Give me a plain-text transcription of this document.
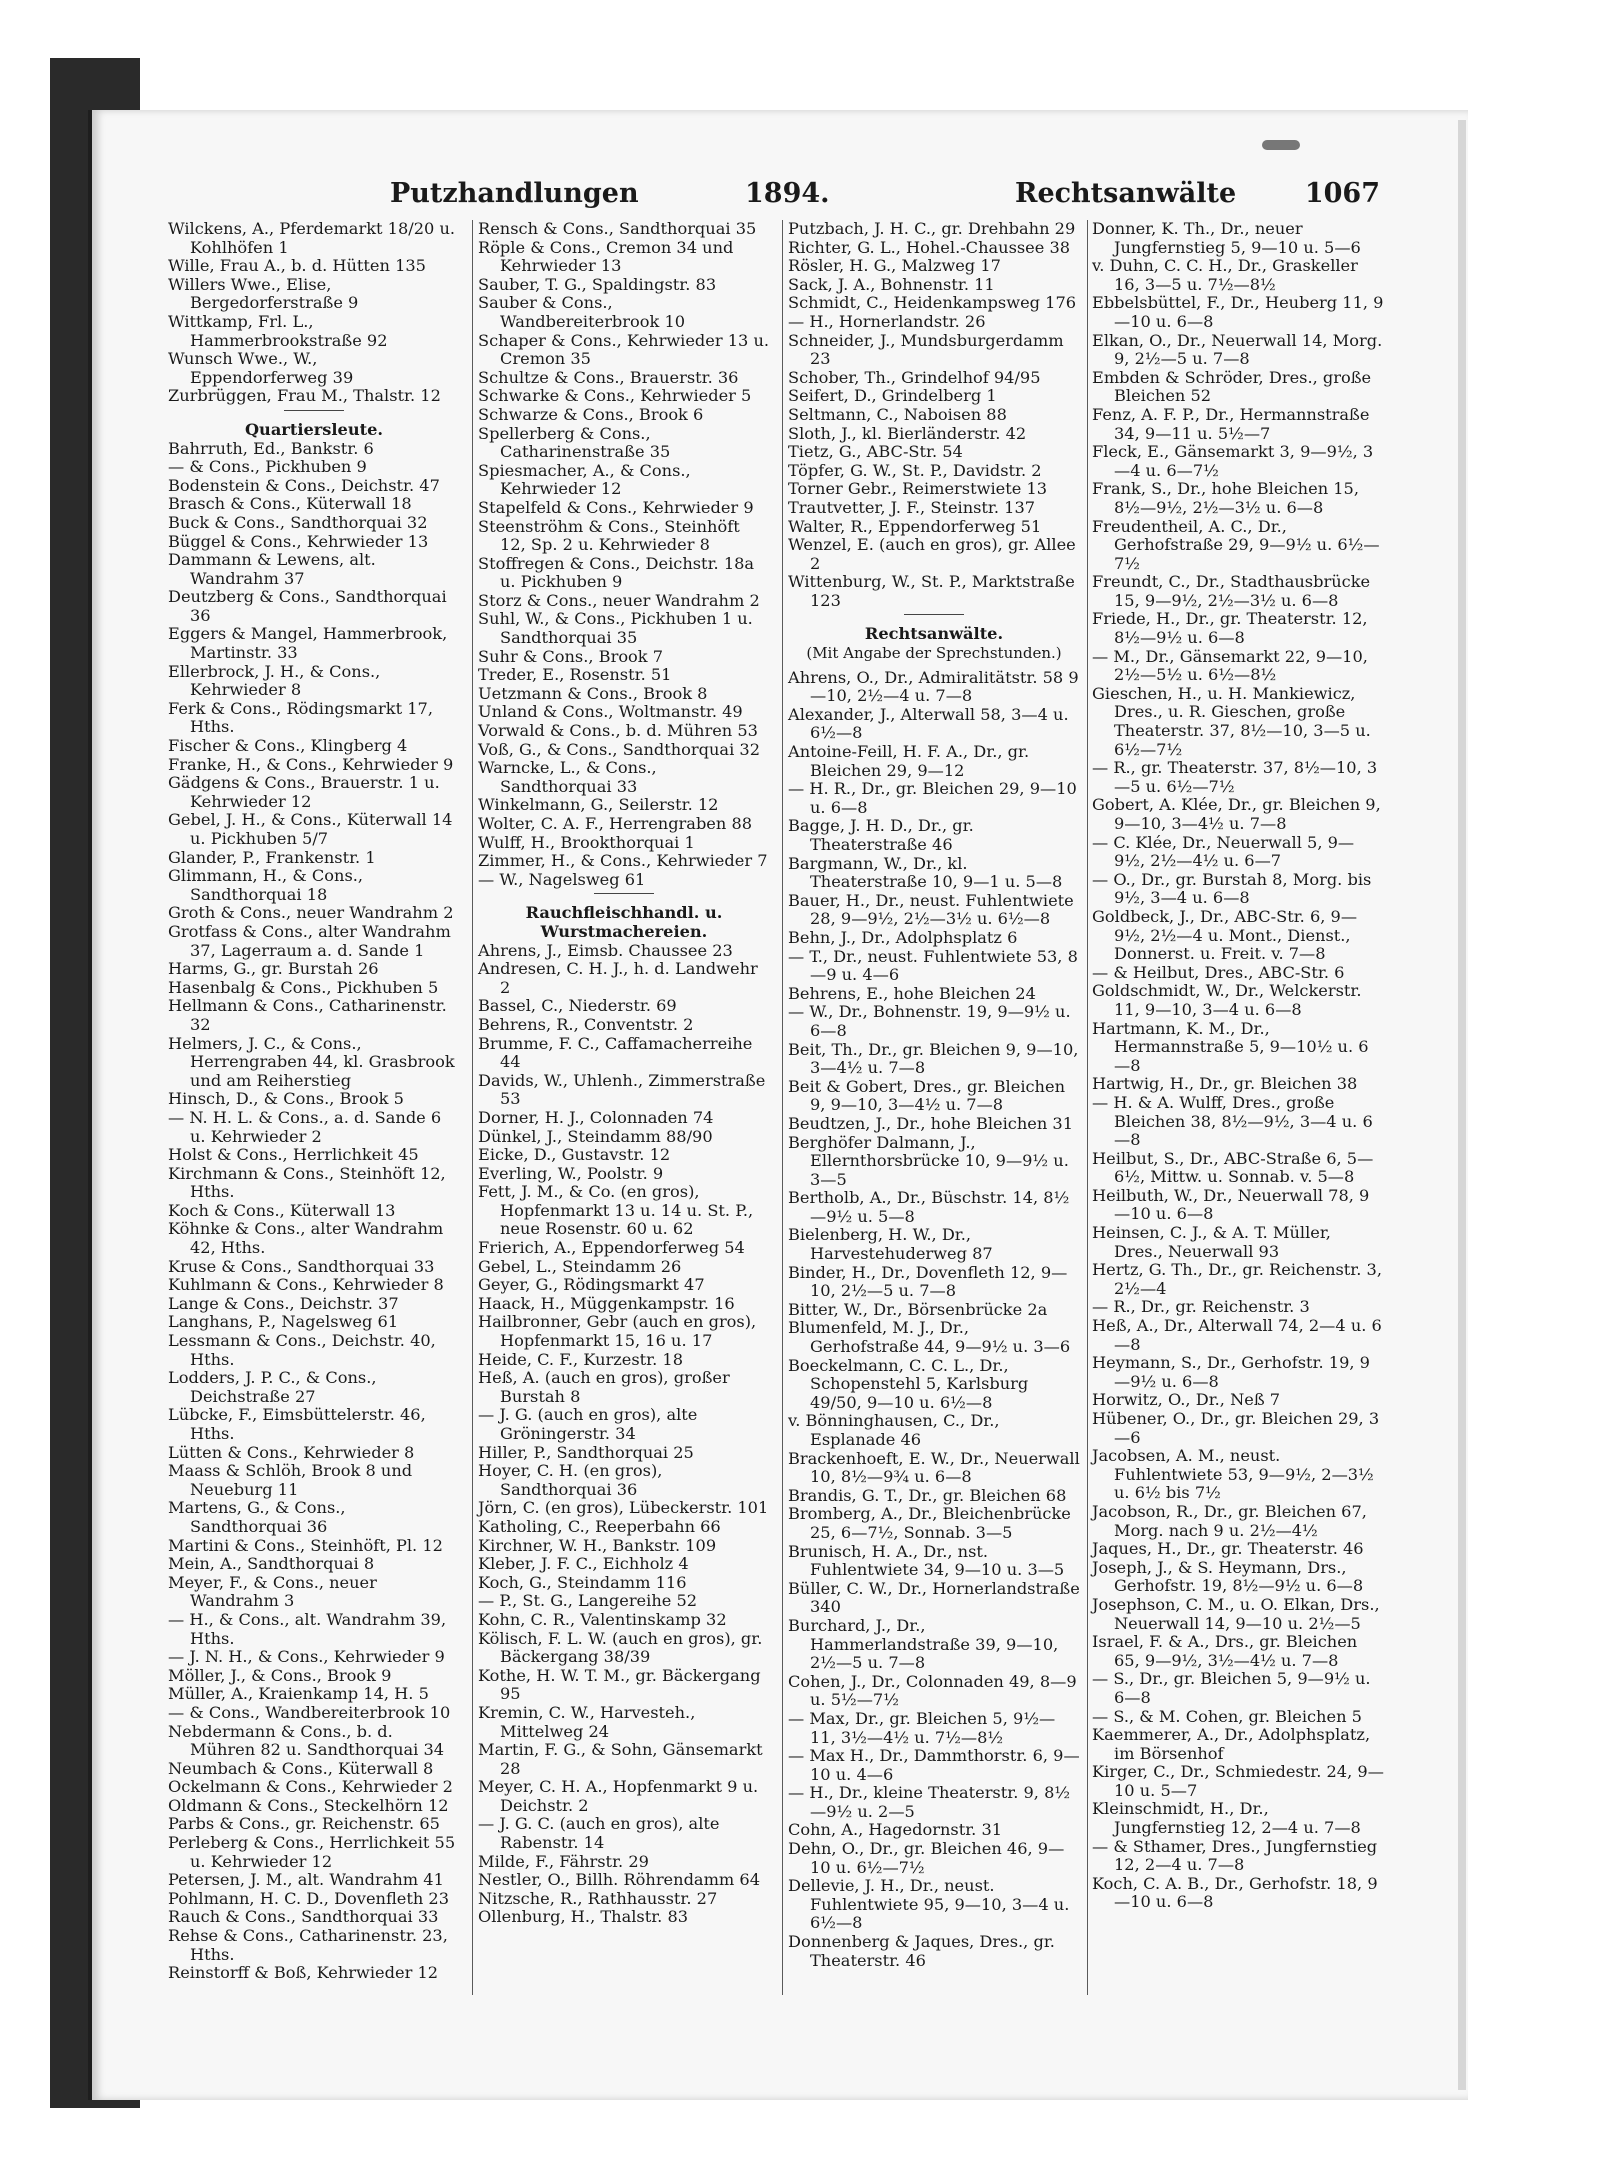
Putzhandlungen	1894.	Rechtsanwälte	1067

Wilckens, A., Pferdemarkt 18/20 u. Kohlhöfen 1

Wille, Frau A., b. d. Hütten 135

Willers Wwe., Elise, Bergedorferstraße 9

Wittkamp, Frl. L., Hammerbrookstraße 92

Wunsch Wwe., W., Eppendorferweg 39

Zurbrüggen, Frau M., Thalstr. 12

Quartiersleute.

Bahrruth, Ed., Bankstr. 6

— & Cons., Pickhuben 9

Bodenstein & Cons., Deichstr. 47

Brasch & Cons., Küterwall 18

Buck & Cons., Sandthorquai 32

Büggel & Cons., Kehrwieder 13

Dammann & Lewens, alt. Wandrahm 37

Deutzberg & Cons., Sandthorquai 36

Eggers & Mangel, Hammerbrook, Martinstr. 33

Ellerbrock, J. H., & Cons., Kehrwieder 8

Ferk & Cons., Rödingsmarkt 17, Hths.

Fischer & Cons., Klingberg 4

Franke, H., & Cons., Kehrwieder 9

Gädgens & Cons., Brauerstr. 1 u. Kehrwieder 12

Gebel, J. H., & Cons., Küterwall 14 u. Pickhuben 5/7

Glander, P., Frankenstr. 1

Glimmann, H., & Cons., Sandthorquai 18

Groth & Cons., neuer Wandrahm 2

Grotfass & Cons., alter Wandrahm 37, Lagerraum a. d. Sande 1

Harms, G., gr. Burstah 26

Hasenbalg & Cons., Pickhuben 5

Hellmann & Cons., Catharinenstr. 32

Helmers, J. C., & Cons., Herrengraben 44, kl. Grasbrook und am Reiherstieg

Hinsch, D., & Cons., Brook 5

— N. H. L. & Cons., a. d. Sande 6 u. Kehrwieder 2

Holst & Cons., Herrlichkeit 45

Kirchmann & Cons., Steinhöft 12, Hths.

Koch & Cons., Küterwall 13

Köhnke & Cons., alter Wandrahm 42, Hths.

Kruse & Cons., Sandthorquai 33

Kuhlmann & Cons., Kehrwieder 8

Lange & Cons., Deichstr. 37

Langhans, P., Nagelsweg 61

Lessmann & Cons., Deichstr. 40, Hths.

Lodders, J. P. C., & Cons., Deichstraße 27

Lübcke, F., Eimsbüttelerstr. 46, Hths.

Lütten & Cons., Kehrwieder 8

Maass & Schlöh, Brook 8 und Neueburg 11

Martens, G., & Cons., Sandthorquai 36

Martini & Cons., Steinhöft, Pl. 12

Mein, A., Sandthorquai 8

Meyer, F., & Cons., neuer Wandrahm 3

— H., & Cons., alt. Wandrahm 39, Hths.

— J. N. H., & Cons., Kehrwieder 9

Möller, J., & Cons., Brook 9

Müller, A., Kraienkamp 14, H. 5

— & Cons., Wandbereiterbrook 10

Nebdermann & Cons., b. d. Mühren 82 u. Sandthorquai 34

Neumbach & Cons., Küterwall 8

Ockelmann & Cons., Kehrwieder 2

Oldmann & Cons., Steckelhörn 12

Parbs & Cons., gr. Reichenstr. 65

Perleberg & Cons., Herrlichkeit 55 u. Kehrwieder 12

Petersen, J. M., alt. Wandrahm 41

Pohlmann, H. C. D., Dovenfleth 23

Rauch & Cons., Sandthorquai 33

Rehse & Cons., Catharinenstr. 23, Hths.

Reinstorff & Boß, Kehrwieder 12

Rensch & Cons., Sandthorquai 35

Röple & Cons., Cremon 34 und Kehrwieder 13

Sauber, T. G., Spaldingstr. 83

Sauber & Cons., Wandbereiterbrook 10

Schaper & Cons., Kehrwieder 13 u. Cremon 35

Schultze & Cons., Brauerstr. 36

Schwarke & Cons., Kehrwieder 5

Schwarze & Cons., Brook 6

Spellerberg & Cons., Catharinenstraße 35

Spiesmacher, A., & Cons., Kehrwieder 12

Stapelfeld & Cons., Kehrwieder 9

Steenströhm & Cons., Steinhöft 12, Sp. 2 u. Kehrwieder 8

Stoffregen & Cons., Deichstr. 18a u. Pickhuben 9

Storz & Cons., neuer Wandrahm 2

Suhl, W., & Cons., Pickhuben 1 u. Sandthorquai 35

Suhr & Cons., Brook 7

Treder, E., Rosenstr. 51

Uetzmann & Cons., Brook 8

Unland & Cons., Woltmanstr. 49

Vorwald & Cons., b. d. Mühren 53

Voß, G., & Cons., Sandthorquai 32

Warncke, L., & Cons., Sandthorquai 33

Winkelmann, G., Seilerstr. 12

Wolter, C. A. F., Herrengraben 88

Wulff, H., Brookthorquai 1

Zimmer, H., & Cons., Kehrwieder 7

— W., Nagelsweg 61

Rauchfleischhandl. u. Wurstmachereien.

Ahrens, J., Eimsb. Chaussee 23

Andresen, C. H. J., h. d. Landwehr 2

Bassel, C., Niederstr. 69

Behrens, R., Conventstr. 2

Brumme, F. C., Caffamacherreihe 44

Davids, W., Uhlenh., Zimmerstraße 53

Dorner, H. J., Colonnaden 74

Dünkel, J., Steindamm 88/90

Eicke, D., Gustavstr. 12

Everling, W., Poolstr. 9

Fett, J. M., & Co. (en gros), Hopfenmarkt 13 u. 14 u. St. P., neue Rosenstr. 60 u. 62

Frierich, A., Eppendorferweg 54

Gebel, L., Steindamm 26

Geyer, G., Rödingsmarkt 47

Haack, H., Müggenkampstr. 16

Hailbronner, Gebr (auch en gros), Hopfenmarkt 15, 16 u. 17

Heide, C. F., Kurzestr. 18

Heß, A. (auch en gros), großer Burstah 8

— J. G. (auch en gros), alte Gröningerstr. 34

Hiller, P., Sandthorquai 25

Hoyer, C. H. (en gros), Sandthorquai 36

Jörn, C. (en gros), Lübeckerstr. 101

Katholing, C., Reeperbahn 66

Kirchner, W. H., Bankstr. 109

Kleber, J. F. C., Eichholz 4

Koch, G., Steindamm 116

— P., St. G., Langereihe 52

Kohn, C. R., Valentinskamp 32

Kölisch, F. L. W. (auch en gros), gr. Bäckergang 38/39

Kothe, H. W. T. M., gr. Bäckergang 95

Kremin, C. W., Harvesteh., Mittelweg 24

Martin, F. G., & Sohn, Gänsemarkt 28

Meyer, C. H. A., Hopfenmarkt 9 u. Deichstr. 2

— J. G. C. (auch en gros), alte Rabenstr. 14

Milde, F., Fährstr. 29

Nestler, O., Billh. Röhrendamm 64

Nitzsche, R., Rathhausstr. 27

Ollenburg, H., Thalstr. 83

Putzbach, J. H. C., gr. Drehbahn 29

Richter, G. L., Hohel.-Chaussee 38

Rösler, H. G., Malzweg 17

Sack, J. A., Bohnenstr. 11

Schmidt, C., Heidenkampsweg 176

— H., Hornerlandstr. 26

Schneider, J., Mundsburgerdamm 23

Schober, Th., Grindelhof 94/95

Seifert, D., Grindelberg 1

Seltmann, C., Naboisen 88

Sloth, J., kl. Bierländerstr. 42

Tietz, G., ABC-Str. 54

Töpfer, G. W., St. P., Davidstr. 2

Torner Gebr., Reimerstwiete 13

Trautvetter, J. F., Steinstr. 137

Walter, R., Eppendorferweg 51

Wenzel, E. (auch en gros), gr. Allee 2

Wittenburg, W., St. P., Marktstraße 123

Rechtsanwälte.
(Mit Angabe der Sprechstunden.)

Ahrens, O., Dr., Admiralitätstr. 58 9—10, 2½—4 u. 7—8

Alexander, J., Alterwall 58, 3—4 u. 6½—8

Antoine-Feill, H. F. A., Dr., gr. Bleichen 29, 9—12

— H. R., Dr., gr. Bleichen 29, 9—10 u. 6—8

Bagge, J. H. D., Dr., gr. Theaterstraße 46

Bargmann, W., Dr., kl. Theaterstraße 10, 9—1 u. 5—8

Bauer, H., Dr., neust. Fuhlentwiete 28, 9—9½, 2½—3½ u. 6½—8

Behn, J., Dr., Adolphsplatz 6

— T., Dr., neust. Fuhlentwiete 53, 8—9 u. 4—6

Behrens, E., hohe Bleichen 24

— W., Dr., Bohnenstr. 19, 9—9½ u. 6—8

Beit, Th., Dr., gr. Bleichen 9, 9—10, 3—4½ u. 7—8

Beit & Gobert, Dres., gr. Bleichen 9, 9—10, 3—4½ u. 7—8

Beudtzen, J., Dr., hohe Bleichen 31

Berghöfer Dalmann, J., Ellernthorsbrücke 10, 9—9½ u. 3—5

Bertholb, A., Dr., Büschstr. 14, 8½—9½ u. 5—8

Bielenberg, H. W., Dr., Harvestehuderweg 87

Binder, H., Dr., Dovenfleth 12, 9—10, 2½—5 u. 7—8

Bitter, W., Dr., Börsenbrücke 2a

Blumenfeld, M. J., Dr., Gerhofstraße 44, 9—9½ u. 3—6

Boeckelmann, C. C. L., Dr., Schopenstehl 5, Karlsburg 49/50, 9—10 u. 6½—8

v. Bönninghausen, C., Dr., Esplanade 46

Brackenhoeft, E. W., Dr., Neuerwall 10, 8½—9¾ u. 6—8

Brandis, G. T., Dr., gr. Bleichen 68

Bromberg, A., Dr., Bleichenbrücke 25, 6—7½, Sonnab. 3—5

Brunisch, H. A., Dr., nst. Fuhlentwiete 34, 9—10 u. 3—5

Büller, C. W., Dr., Hornerlandstraße 340

Burchard, J., Dr., Hammerlandstraße 39, 9—10, 2½—5 u. 7—8

Cohen, J., Dr., Colonnaden 49, 8—9 u. 5½—7½

— Max, Dr., gr. Bleichen 5, 9½—11, 3½—4½ u. 7½—8½

— Max H., Dr., Dammthorstr. 6, 9—10 u. 4—6

— H., Dr., kleine Theaterstr. 9, 8½—9½ u. 2—5

Cohn, A., Hagedornstr. 31

Dehn, O., Dr., gr. Bleichen 46, 9—10 u. 6½—7½

Dellevie, J. H., Dr., neust. Fuhlentwiete 95, 9—10, 3—4 u. 6½—8

Donnenberg & Jaques, Dres., gr. Theaterstr. 46

Donner, K. Th., Dr., neuer Jungfernstieg 5, 9—10 u. 5—6

v. Duhn, C. C. H., Dr., Graskeller 16, 3—5 u. 7½—8½

Ebbelsbüttel, F., Dr., Heuberg 11, 9—10 u. 6—8

Elkan, O., Dr., Neuerwall 14, Morg. 9, 2½—5 u. 7—8

Embden & Schröder, Dres., große Bleichen 52

Fenz, A. F. P., Dr., Hermannstraße 34, 9—11 u. 5½—7

Fleck, E., Gänsemarkt 3, 9—9½, 3—4 u. 6—7½

Frank, S., Dr., hohe Bleichen 15, 8½—9½, 2½—3½ u. 6—8

Freudentheil, A. C., Dr., Gerhofstraße 29, 9—9½ u. 6½—7½

Freundt, C., Dr., Stadthausbrücke 15, 9—9½, 2½—3½ u. 6—8

Friede, H., Dr., gr. Theaterstr. 12, 8½—9½ u. 6—8

— M., Dr., Gänsemarkt 22, 9—10, 2½—5½ u. 6½—8½

Gieschen, H., u. H. Mankiewicz, Dres., u. R. Gieschen, große Theaterstr. 37, 8½—10, 3—5 u. 6½—7½

— R., gr. Theaterstr. 37, 8½—10, 3—5 u. 6½—7½

Gobert, A. Klée, Dr., gr. Bleichen 9, 9—10, 3—4½ u. 7—8

— C. Klée, Dr., Neuerwall 5, 9—9½, 2½—4½ u. 6—7

— O., Dr., gr. Burstah 8, Morg. bis 9½, 3—4 u. 6—8

Goldbeck, J., Dr., ABC-Str. 6, 9—9½, 2½—4 u. Mont., Dienst., Donnerst. u. Freit. v. 7—8

— & Heilbut, Dres., ABC-Str. 6

Goldschmidt, W., Dr., Welckerstr. 11, 9—10, 3—4 u. 6—8

Hartmann, K. M., Dr., Hermannstraße 5, 9—10½ u. 6—8

Hartwig, H., Dr., gr. Bleichen 38

— H. & A. Wulff, Dres., große Bleichen 38, 8½—9½, 3—4 u. 6—8

Heilbut, S., Dr., ABC-Straße 6, 5—6½, Mittw. u. Sonnab. v. 5—8

Heilbuth, W., Dr., Neuerwall 78, 9—10 u. 6—8

Heinsen, C. J., & A. T. Müller, Dres., Neuerwall 93

Hertz, G. Th., Dr., gr. Reichenstr. 3, 2½—4

— R., Dr., gr. Reichenstr. 3

Heß, A., Dr., Alterwall 74, 2—4 u. 6—8

Heymann, S., Dr., Gerhofstr. 19, 9—9½ u. 6—8

Horwitz, O., Dr., Neß 7

Hübener, O., Dr., gr. Bleichen 29, 3—6

Jacobsen, A. M., neust. Fuhlentwiete 53, 9—9½, 2—3½ u. 6½ bis 7½

Jacobson, R., Dr., gr. Bleichen 67, Morg. nach 9 u. 2½—4½

Jaques, H., Dr., gr. Theaterstr. 46

Joseph, J., & S. Heymann, Drs., Gerhofstr. 19, 8½—9½ u. 6—8

Josephson, C. M., u. O. Elkan, Drs., Neuerwall 14, 9—10 u. 2½—5

Israel, F. & A., Drs., gr. Bleichen 65, 9—9½, 3½—4½ u. 7—8

— S., Dr., gr. Bleichen 5, 9—9½ u. 6—8

— S., & M. Cohen, gr. Bleichen 5

Kaemmerer, A., Dr., Adolphsplatz, im Börsenhof

Kirger, C., Dr., Schmiedestr. 24, 9—10 u. 5—7

Kleinschmidt, H., Dr., Jungfernstieg 12, 2—4 u. 7—8

— & Sthamer, Dres., Jungfernstieg 12, 2—4 u. 7—8

Koch, C. A. B., Dr., Gerhofstr. 18, 9—10 u. 6—8
